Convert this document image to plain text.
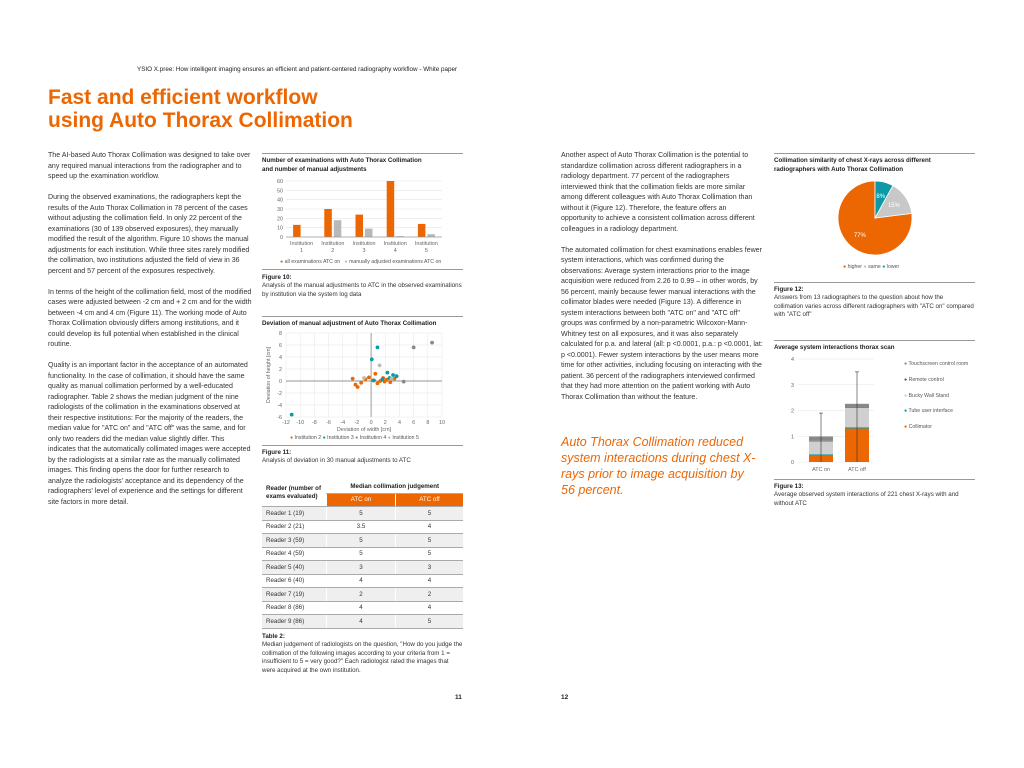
YSIO X.pree: How intelligent imaging ensures an efficient and patient-centered radiography workflow - White paper
Fast and efficient workflow
using Auto Thorax Collimation

The AI-based Auto Thorax Collimation was designed to take over any required manual interactions from the radiographer and to speed up the examination workflow.

During the observed examinations, the radiographers kept the results of the Auto Thorax Collimation in 78 percent of the cases without adjusting the collimation field. In only 22 percent of the examinations (30 of 139 observed exposures), they manually modified the result of the algorithm. Figure 10 shows the manual adjustments for each institution. While three sites rarely modified the collimation, two institutions adjusted the field of view in 36 percent and 57 percent of the exposures respectively.

In terms of the height of the collimation field, most of the modified cases were adjusted between -2 cm and + 2 cm and for the width between -4 cm and 4 cm (Figure 11). The working mode of Auto Thorax Collimation obviously differs among institutions, and it could develop its full potential when established in the clinical routine.

Quality is an important factor in the acceptance of an automated functionality. In the case of collimation, it should have the same quality as manual collimation performed by a well-educated radiographer. Table 2 shows the median judgment of the nine radiologists of the collimation in the examinations observed at their respective institutions: For the majority of the readers, the median value for "ATC on" and "ATC off" was the same, and for only two readers did the median value slightly differ. This indicates that the automatically collimated images were accepted by the radiologists at a similar rate as the manually collimated images. This finding opens the door for further research to analyze the radiologists' acceptance and its dependency of the radiographers' level of experience and the settings for different site factors in more detail.

Number of examinations with Auto Thorax Collimation and number of manual adjustments
0
10
20
30
40
50
60
Institution
1
Institution
2
Institution
3
Institution
4
Institution
5
● all examinations ATC on ● manually adjusted examinations ATC on
Figure 10:
Analysis of the manual adjustments to ATC in the observed examinations by institution via the system log data
Deviation of manual adjustment of Auto Thorax Collimation
-12 -10 -8 -6 -4 -2 0 2 4 6 8 10
-6
-4
-2
0
2
4
6
8
Deviation of width [cm]
Deviation of height [cm]
● Institution 2 ● Institution 3 ● Institution 4 ● Institution 5
Figure 11:
Analysis of deviation in 30 manual adjustments to ATC
Reader (number of exams evaluated)	Median collimation judgement	
	ATC on	ATC off
Reader 1 (19)	5	5
Reader 2 (21)	3.5	4
Reader 3 (59)	5	5
Reader 4 (59)	5	5
Reader 5 (40)	3	3
Reader 6 (40)	4	4
Reader 7 (19)	2	2
Reader 8 (86)	4	4
Reader 9 (86)	4	5
Table 2:
Median judgement of radiologists on the question, "How do you judge the collimation of the following images according to your criteria from 1 = insufficient to 5 = very good?" Each radiologist rated the images that were acquired at the own institution.
11	12

Another aspect of Auto Thorax Collimation is the potential to standardize collimation across different radiographers in a radiology department. 77 percent of the radiographers interviewed think that the collimation fields are more similar among different colleagues with Auto Thorax Collimation than without it (Figure 12). Therefore, the feature offers an opportunity to achieve a consistent collimation across different colleagues in a radiology department.

The automated collimation for chest examinations enables fewer system interactions, which was confirmed during the observations: Average system interactions prior to the image acquisition were reduced from 2.26 to 0.99 – in other words, by 56 percent, mainly because fewer manual interactions with the collimator blades were needed (Figure 13). A difference in system interactions between both "ATC on" and "ATC off" groups was confirmed by a non-parametric Wilcoxon-Mann-Whitney test on all exposures, and it was also separately calculated for p.a. and lateral (all: p <0.0001, p.a.: p <0.0001, lat: p <0.0001). Fewer system interactions by the user means more time for other activities, including focusing on interacting with the patient. 36 percent of the radiographers interviewed confirmed that they had more attention on the patient working with Auto Thorax Collimation than without the feature.

Auto Thorax Collimation reduced system interactions during chest X-rays prior to image acquisition by 56 percent.
Collimation similarity of chest X-rays across different radiographers with Auto Thorax Collimation
77%
15%
8%
● higher ● same ● lower
Figure 12:
Answers from 13 radiographers to the question about how the collimation varies across different radiographers with "ATC on" compared with "ATC off"
Average system interactions thorax scan
0
1
2
3
4
ATC on	ATC off
● Touchscreen control room
● Remote control
● Bucky Wall Stand
● Tube user interface
● Collimator
Figure 13:
Average observed system interactions of 221 chest X-rays with and without ATC
